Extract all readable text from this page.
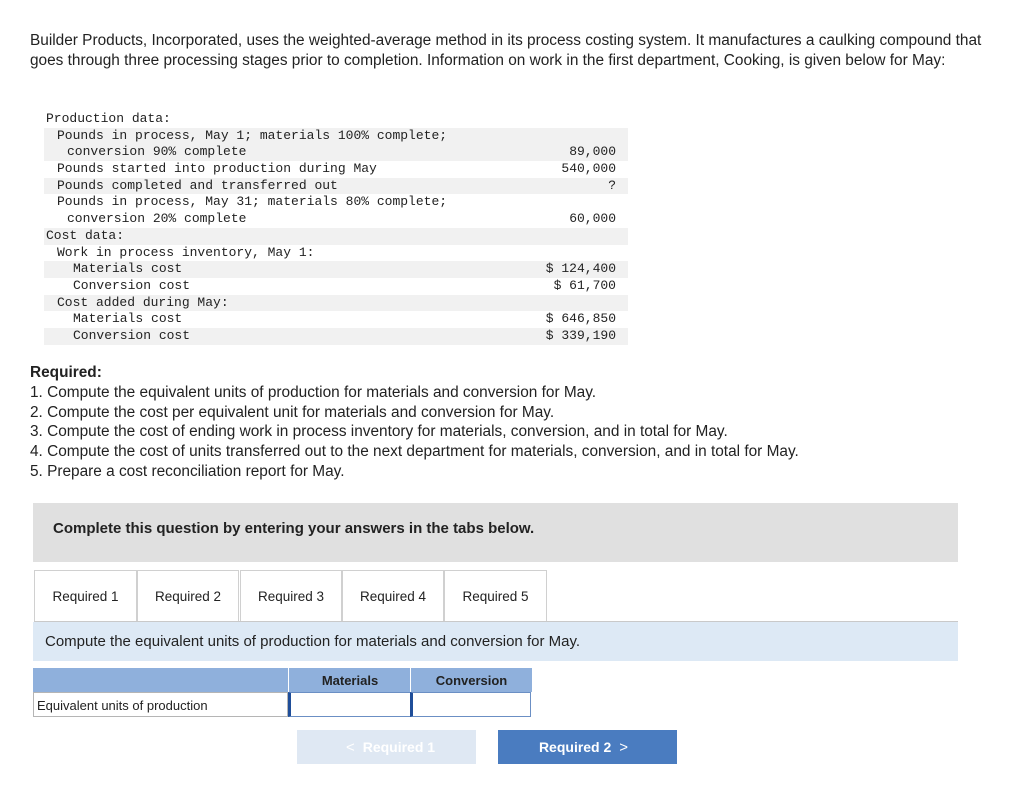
Builder Products, Incorporated, uses the weighted-average method in its process costing system. It manufactures a caulking compound that goes through three processing stages prior to completion. Information on work in the first department, Cooking, is given below for May:
Production data:
Pounds in process, May 1; materials 100% complete;
conversion 90% complete	89,000
Pounds started into production during May	540,000
Pounds completed and transferred out	?
Pounds in process, May 31; materials 80% complete;
conversion 20% complete	60,000
Cost data:
Work in process inventory, May 1:
Materials cost	$ 124,400
Conversion cost	$ 61,700
Cost added during May:
Materials cost	$ 646,850
Conversion cost	$ 339,190
Required:
1. Compute the equivalent units of production for materials and conversion for May.
2. Compute the cost per equivalent unit for materials and conversion for May.
3. Compute the cost of ending work in process inventory for materials, conversion, and in total for May.
4. Compute the cost of units transferred out to the next department for materials, conversion, and in total for May.
5. Prepare a cost reconciliation report for May.
Complete this question by entering your answers in the tabs below.
Required 1	Required 2	Required 3	Required 4	Required 5
Compute the equivalent units of production for materials and conversion for May.
Materials	Conversion
Equivalent units of production
< Required 1	Required 2 >
